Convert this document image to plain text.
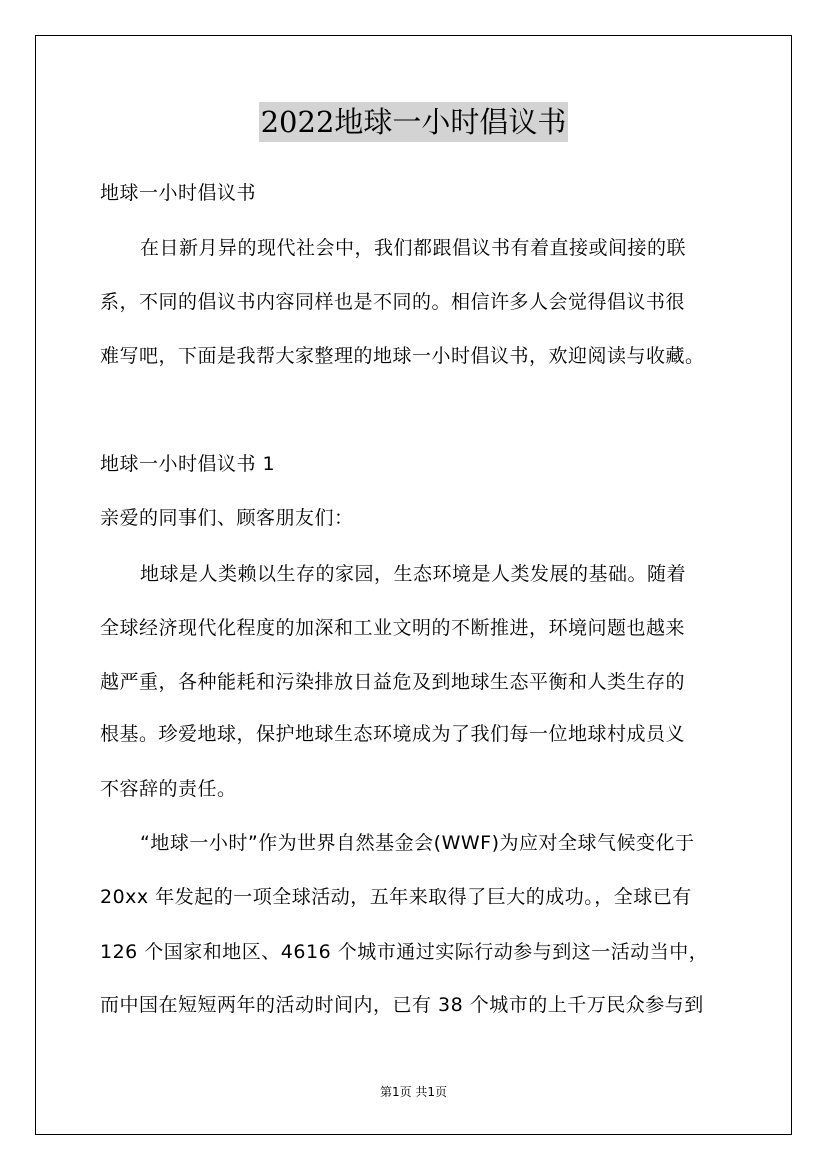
2022地球一小时倡议书
地球一小时倡议书
在日新月异的现代社会中，我们都跟倡议书有着直接或间接的联
系，不同的倡议书内容同样也是不同的。相信许多人会觉得倡议书很
难写吧，下面是我帮大家整理的地球一小时倡议书，欢迎阅读与收藏。
地球一小时倡议书 1
亲爱的同事们、顾客朋友们：
地球是人类赖以生存的家园，生态环境是人类发展的基础。随着
全球经济现代化程度的加深和工业文明的不断推进，环境问题也越来
越严重，各种能耗和污染排放日益危及到地球生态平衡和人类生存的
根基。珍爱地球，保护地球生态环境成为了我们每一位地球村成员义
不容辞的责任。
“地球一小时”作为世界自然基金会(WWF)为应对全球气候变化于
20xx 年发起的一项全球活动，五年来取得了巨大的成功。，全球已有
126 个国家和地区、4616 个城市通过实际行动参与到这一活动当中，
而中国在短短两年的活动时间内，已有 38 个城市的上千万民众参与到
第1页 共1页
